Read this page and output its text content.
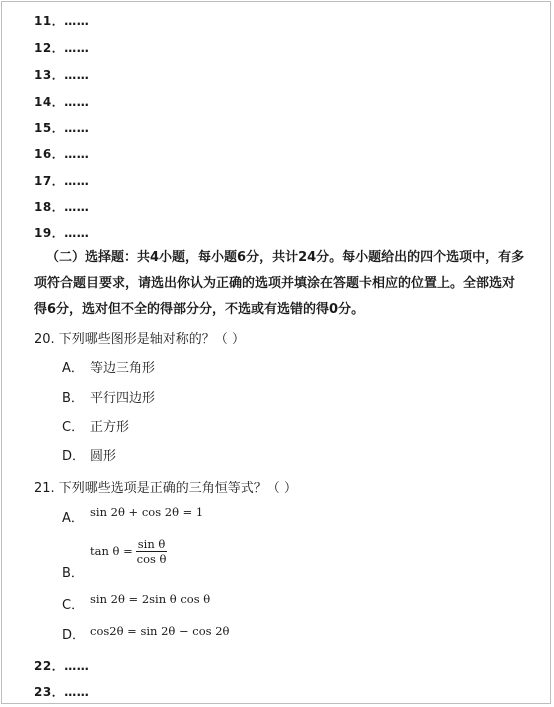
11．……
12．……
13．……
14．……
15．……
16．……
17．……
18．……
19．……
（二）选择题：共4小题，每小题6分，共计24分。每小题给出的四个选项中，有多项符合题目要求，请选出你认为正确的选项并填涂在答题卡相应的位置上。全部选对得6分，选对但不全的得部分分，不选或有选错的得0分。
20. 下列哪些图形是轴对称的？（ ）
A． 等边三角形
B． 平行四边形
C． 正方形
D． 圆形
21. 下列哪些选项是正确的三角恒等式？（ ）
A． sin 2θ + cos 2θ = 1
B．$\tan \theta = \frac{\text{sin θ}}{\text{cos θ}}$
C． sin 2θ = 2sin θ cos θ
D． cos2θ = sin 2θ − cos 2θ
22．……
23．……
